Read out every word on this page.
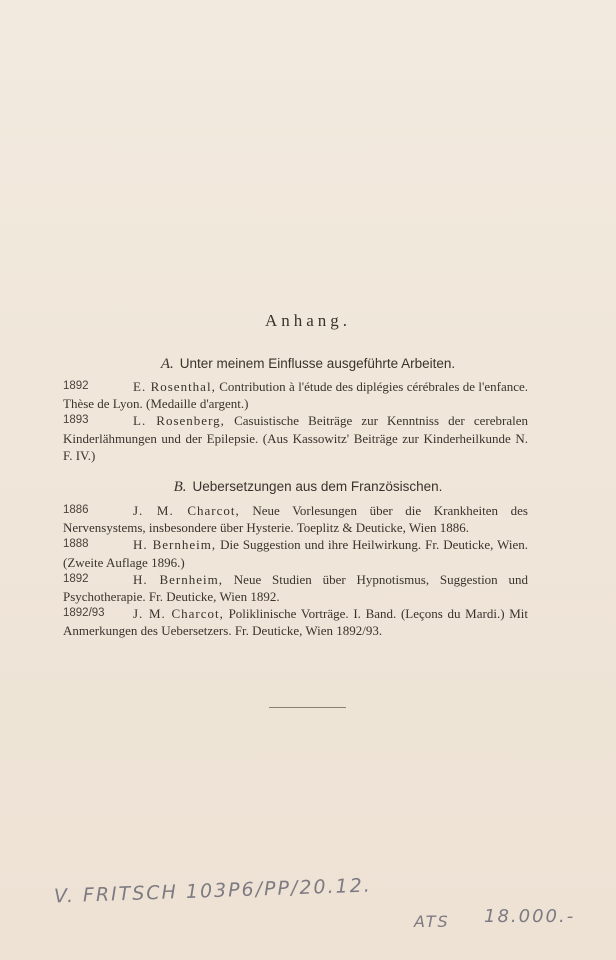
Anhang.
A. Unter meinem Einflusse ausgeführte Arbeiten.
1892	E. Rosenthal, Contribution à l'étude des diplégies cérébrales de l'enfance. Thèse de Lyon. (Medaille d'argent.)
1893	L. Rosenberg, Casuistische Beiträge zur Kenntniss der cerebralen Kinderlähmungen und der Epilepsie. (Aus Kassowitz' Beiträge zur Kinderheilkunde N. F. IV.)
B. Uebersetzungen aus dem Französischen.
1886	J. M. Charcot, Neue Vorlesungen über die Krankheiten des Nervensystems, insbesondere über Hysterie. Toeplitz & Deuticke, Wien 1886.
1888	H. Bernheim, Die Suggestion und ihre Heilwirkung. Fr. Deuticke, Wien. (Zweite Auflage 1896.)
1892	H. Bernheim, Neue Studien über Hypnotismus, Suggestion und Psychotherapie. Fr. Deuticke, Wien 1892.
1892/93 J. M. Charcot, Poliklinische Vorträge. I. Band. (Leçons du Mardi.) Mit Anmerkungen des Uebersetzers. Fr. Deuticke, Wien 1892/93.
V. FRITSCH 103P6/PP/20.12.
ATS 18.000.-
